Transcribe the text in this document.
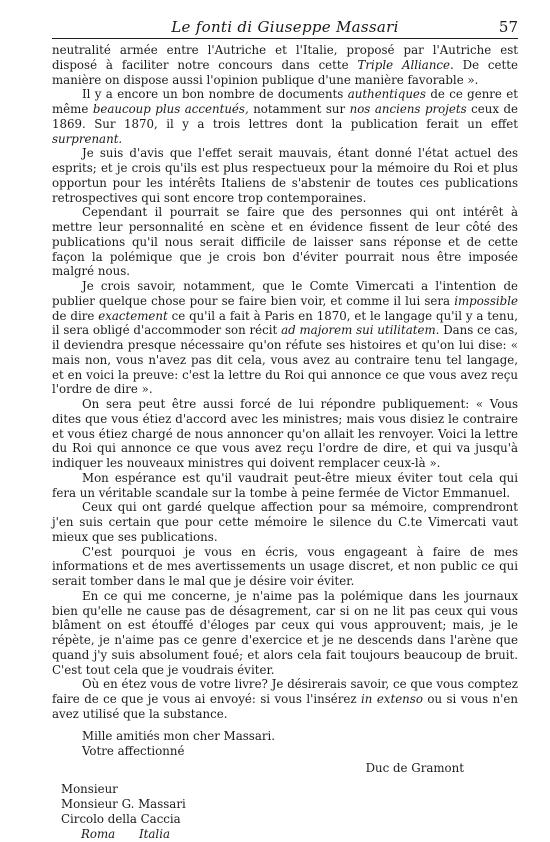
Le fonti di Giuseppe Massari	57

neutralité armée entre l'Autriche et l'Italie, proposé par l'Autriche est disposé à faciliter notre concours dans cette Triple Alliance. De cette manière on dispose aussi l'opinion publique d'une manière favorable ».

Il y a encore un bon nombre de documents authentiques de ce genre et même beaucoup plus accentués, notamment sur nos anciens projets ceux de 1869. Sur 1870, il y a trois lettres dont la publication ferait un effet surprenant.

Je suis d'avis que l'effet serait mauvais, étant donné l'état actuel des esprits; et je crois qu'ils est plus respectueux pour la mémoire du Roi et plus opportun pour les intérêts Italiens de s'abstenir de toutes ces publications retrospectives qui sont encore trop contemporaines.

Cependant il pourrait se faire que des personnes qui ont intérêt à mettre leur personnalité en scène et en évidence fissent de leur côté des publications qu'il nous serait difficile de laisser sans réponse et de cette façon la polémique que je crois bon d'éviter pourrait nous être imposée malgré nous.

Je crois savoir, notamment, que le Comte Vimercati a l'intention de publier quelque chose pour se faire bien voir, et comme il lui sera impossible de dire exactement ce qu'il a fait à Paris en 1870, et le langage qu'il y a tenu, il sera obligé d'accommoder son récit ad majorem sui utilitatem. Dans ce cas, il deviendra presque nécessaire qu'on réfute ses histoires et qu'on lui dise: « mais non, vous n'avez pas dit cela, vous avez au contraire tenu tel langage, et en voici la preuve: c'est la lettre du Roi qui annonce ce que vous avez reçu l'ordre de dire ».

On sera peut être aussi forcé de lui répondre publiquement: « Vous dites que vous étiez d'accord avec les ministres; mais vous disiez le contraire et vous étiez chargé de nous annoncer qu'on allait les renvoyer. Voici la lettre du Roi qui annonce ce que vous avez reçu l'ordre de dire, et qui va jusqu'à indiquer les nouveaux ministres qui doivent remplacer ceux-là ».

Mon espérance est qu'il vaudrait peut-être mieux éviter tout cela qui fera un véritable scandale sur la tombe à peine fermée de Victor Emmanuel.

Ceux qui ont gardé quelque affection pour sa mémoire, comprendront j'en suis certain que pour cette mémoire le silence du C.te Vimercati vaut mieux que ses publications.

C'est pourquoi je vous en écris, vous engageant à faire de mes informations et de mes avertissements un usage discret, et non public ce qui serait tomber dans le mal que je désire voir éviter.

En ce qui me concerne, je n'aime pas la polémique dans les journaux bien qu'elle ne cause pas de désagrement, car si on ne lit pas ceux qui vous blâment on est étouffé d'éloges par ceux qui vous approuvent; mais, je le répète, je n'aime pas ce genre d'exercice et je ne descends dans l'arène que quand j'y suis absolument foué; et alors cela fait toujours beaucoup de bruit. C'est tout cela que je voudrais éviter.

Où en étez vous de votre livre? Je désirerais savoir, ce que vous comptez faire de ce que je vous ai envoyé: si vous l'insérez in extenso ou si vous n'en avez utilisé que la substance.

Mille amitiés mon cher Massari.
Votre affectionné
Duc de Gramont
Monsieur
Monsieur G. Massari
Circolo della Caccia
Roma Italia
